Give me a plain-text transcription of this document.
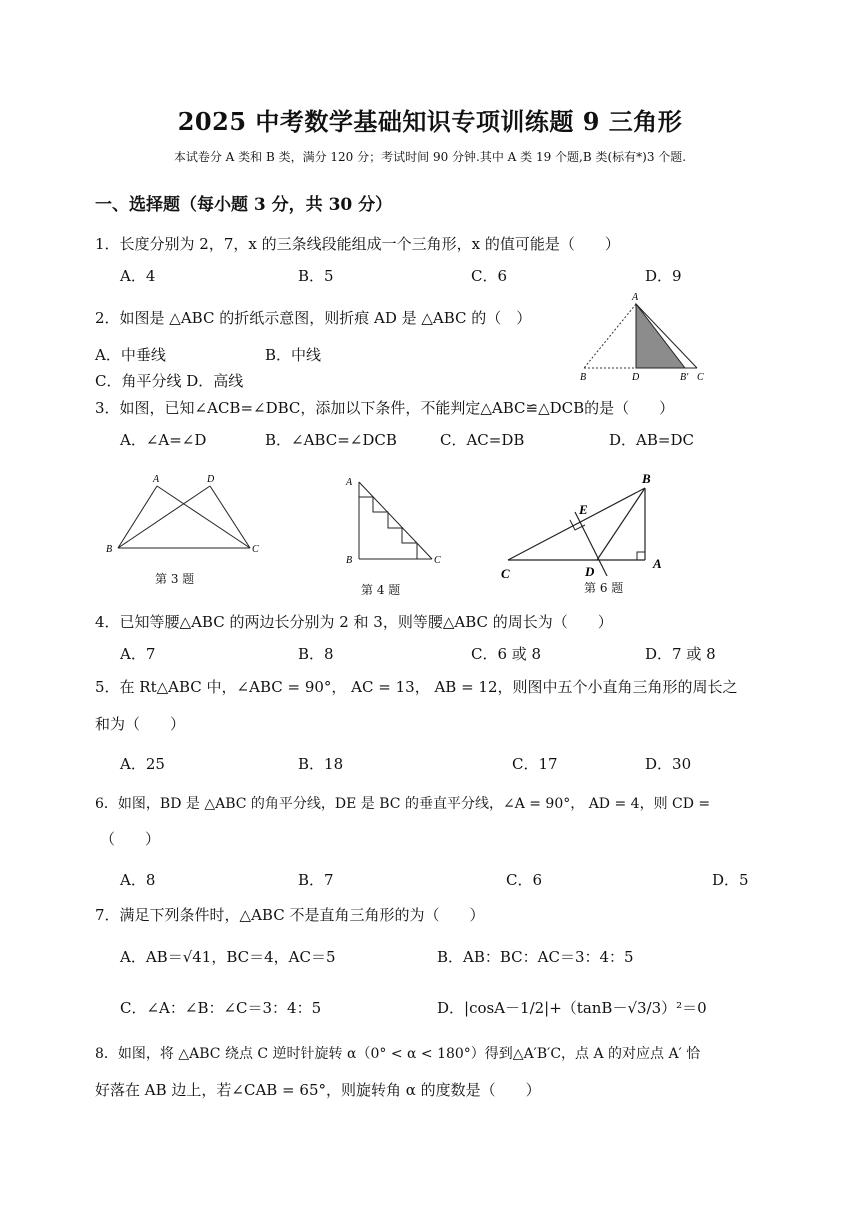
2025 中考数学基础知识专项训练题 9 三角形
本试卷分 A 类和 B 类，满分 120 分；考试时间 90 分钟.其中 A 类 19 个题,B 类(标有*)3 个题.
一、选择题（每小题 3 分，共 30 分）
1．长度分别为 2，7，x 的三条线段能组成一个三角形，x 的值可能是（　　）
A．4	B．5	C．6	D．9
2．如图是 △ABC 的折纸示意图，则折痕 AD 是 △ABC 的（　）
A．中垂线	B．中线
C．角平分线 D．高线
A
B	D	B′ C
3．如图，已知∠ACB=∠DBC，添加以下条件，不能判定△ABC≌△DCB的是（　　）
A．∠A=∠D	B．∠ABC=∠DCB	C．AC=DB	D．AB=DC
A	D
B	C
第 3 题
A
B	C
第 4 题
B
E
C	D
A
第 6 题
4．已知等腰△ABC 的两边长分别为 2 和 3，则等腰△ABC 的周长为（　　）
A．7	B．8	C．6 或 8	D．7 或 8
5．在 Rt△ABC 中，∠ABC = 90°， AC = 13， AB = 12，则图中五个小直角三角形的周长之
和为（　　）
A．25	B．18	C．17	D．30
6．如图，BD 是 △ABC 的角平分线，DE 是 BC 的垂直平分线，∠A = 90°， AD = 4，则 CD =
（　　）
A．8	B．7	C．6	D．5
7．满足下列条件时，△ABC 不是直角三角形的为（　　）
A．AB＝√41，BC＝4，AC＝5	B．AB：BC：AC＝3：4：5
C．∠A：∠B：∠C＝3：4：5	D．|cosA－1/2|+（tanB－√3/3）²＝0
8．如图，将 △ABC 绕点 C 逆时针旋转 α（0° < α < 180°）得到△A′B′C，点 A 的对应点 A′ 恰
好落在 AB 边上，若∠CAB = 65°，则旋转角 α 的度数是（　　）
